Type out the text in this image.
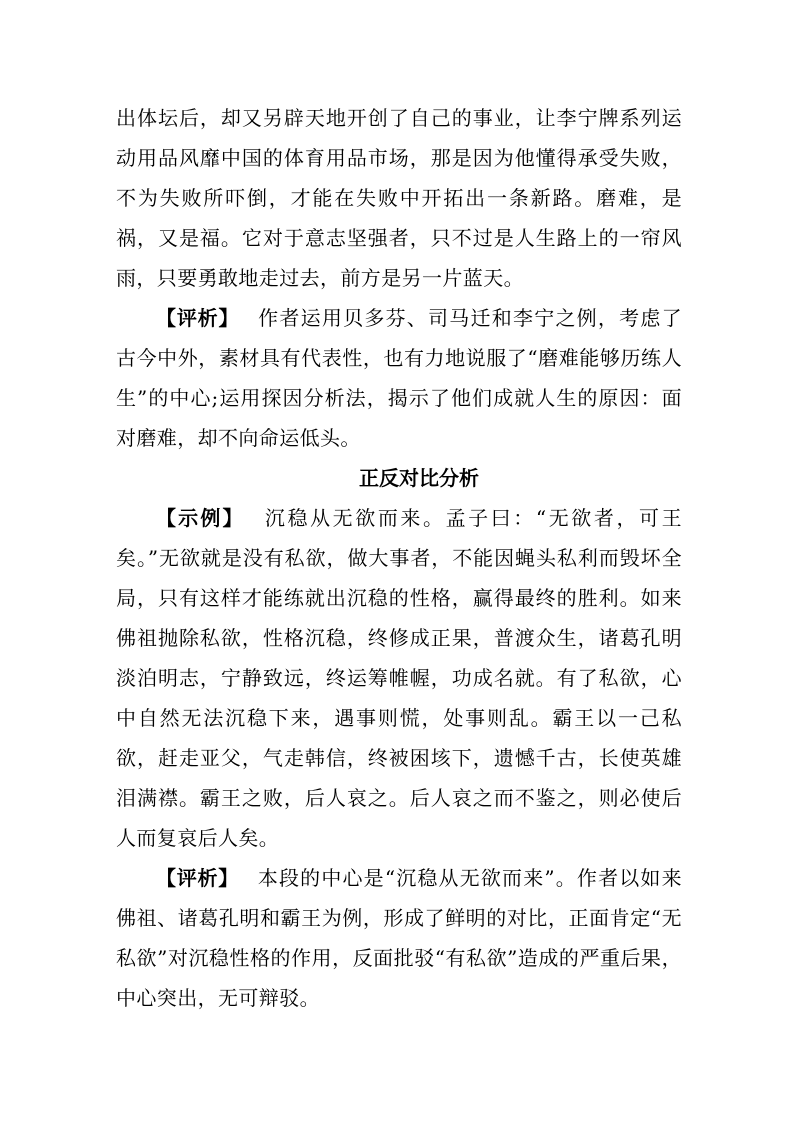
出体坛后，却又另辟天地开创了自己的事业，让李宁牌系列运动用品风靡中国的体育用品市场，那是因为他懂得承受失败，不为失败所吓倒，才能在失败中开拓出一条新路。磨难，是祸，又是福。它对于意志坚强者，只不过是人生路上的一帘风雨，只要勇敢地走过去，前方是另一片蓝天。

【评析】 作者运用贝多芬、司马迁和李宁之例，考虑了古今中外，素材具有代表性，也有力地说服了“磨难能够历练人生”的中心;运用探因分析法，揭示了他们成就人生的原因：面对磨难，却不向命运低头。

正反对比分析

【示例】 沉稳从无欲而来。孟子曰：“无欲者，可王矣。”无欲就是没有私欲，做大事者，不能因蝇头私利而毁坏全局，只有这样才能练就出沉稳的性格，赢得最终的胜利。如来佛祖抛除私欲，性格沉稳，终修成正果，普渡众生，诸葛孔明淡泊明志，宁静致远，终运筹帷幄，功成名就。有了私欲，心中自然无法沉稳下来，遇事则慌，处事则乱。霸王以一己私欲，赶走亚父，气走韩信，终被困垓下，遗憾千古，长使英雄泪满襟。霸王之败，后人哀之。后人哀之而不鉴之，则必使后人而复哀后人矣。

【评析】 本段的中心是“沉稳从无欲而来”。作者以如来佛祖、诸葛孔明和霸王为例，形成了鲜明的对比，正面肯定“无私欲”对沉稳性格的作用，反面批驳“有私欲”造成的严重后果，中心突出，无可辩驳。
